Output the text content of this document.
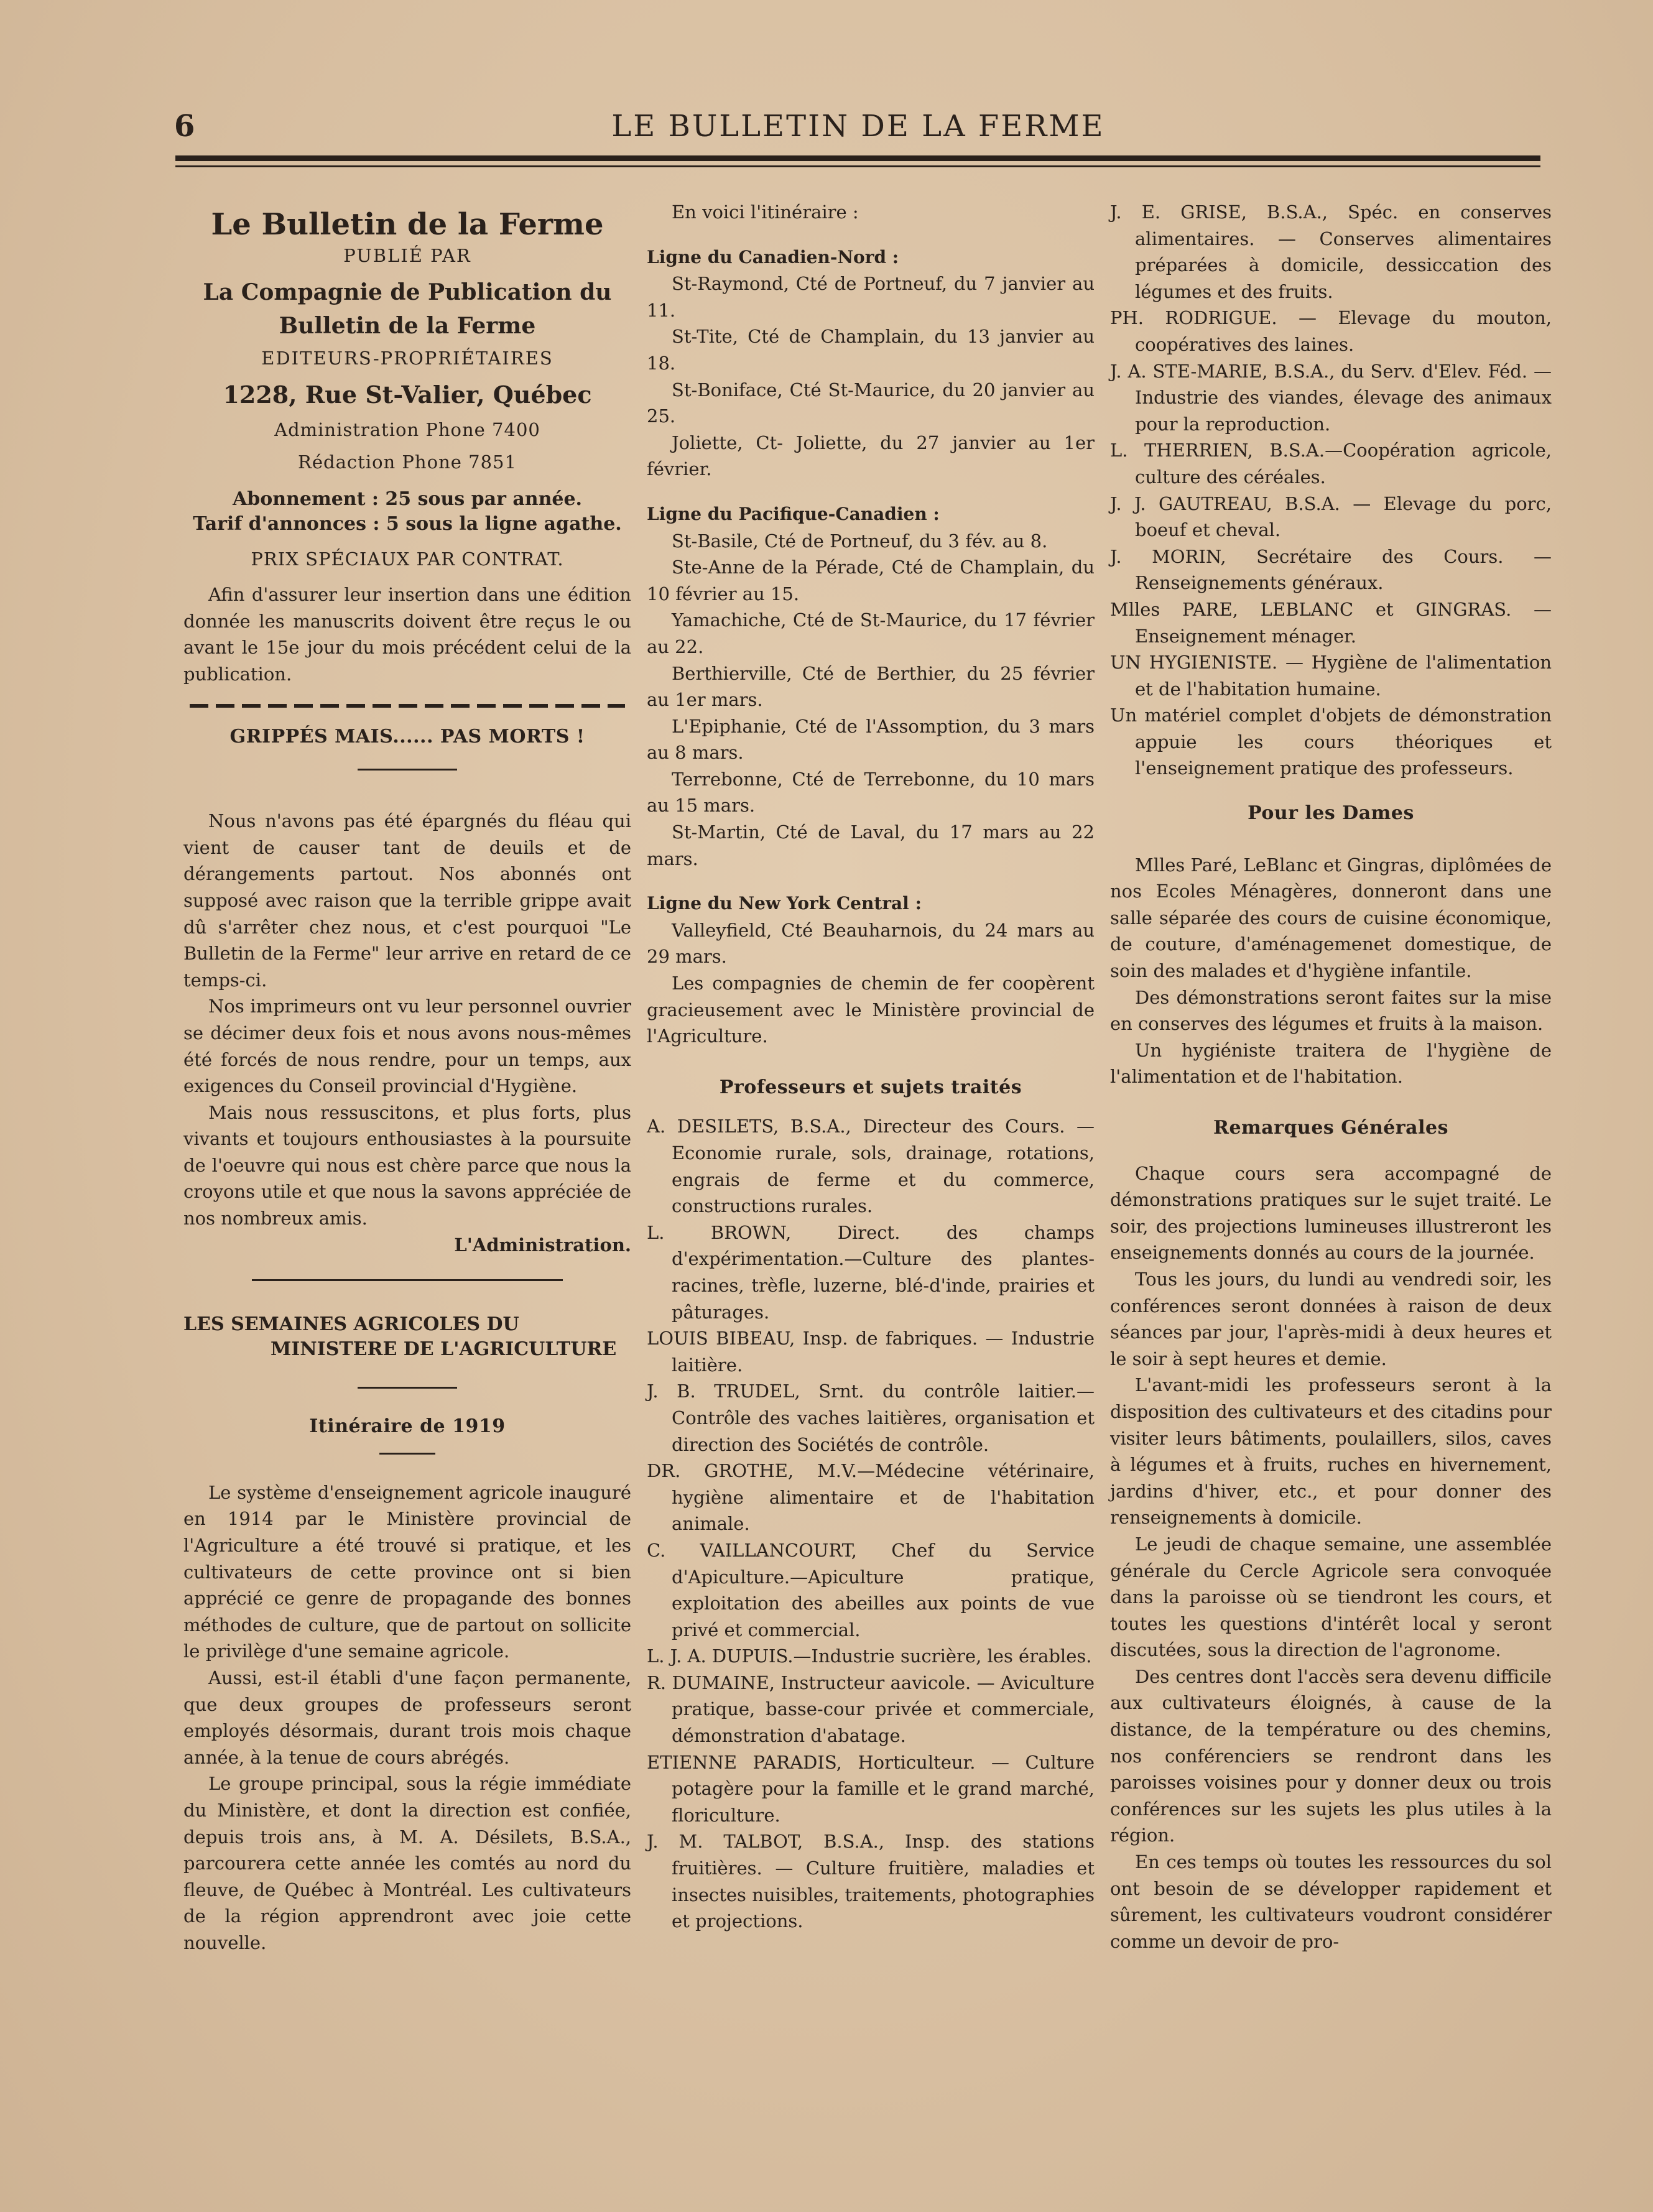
6	LE BULLETIN DE LA FERME
Le Bulletin de la Ferme
PUBLIÉ PAR
La Compagnie de Publication du
Bulletin de la Ferme
EDITEURS-PROPRIÉTAIRES
1228, Rue St-Valier, Québec
Administration Phone 7400
Rédaction Phone 7851
Abonnement : 25 sous par année.
Tarif d'annonces : 5 sous la ligne agathe.
PRIX SPÉCIAUX PAR CONTRAT.

Afin d'assurer leur insertion dans une édition donnée les manuscrits doivent être reçus le ou avant le 15e jour du mois précédent celui de la publication.

GRIPPÉS MAIS...... PAS MORTS !

Nous n'avons pas été épargnés du fléau qui vient de causer tant de deuils et de dérangements partout. Nos abonnés ont supposé avec raison que la terrible grippe avait dû s'arrêter chez nous, et c'est pourquoi "Le Bulletin de la Ferme" leur arrive en retard de ce temps-ci.

Nos imprimeurs ont vu leur personnel ouvrier se décimer deux fois et nous avons nous-mêmes été forcés de nous rendre, pour un temps, aux exigences du Conseil provincial d'Hygiène.

Mais nous ressuscitons, et plus forts, plus vivants et toujours enthousiastes à la poursuite de l'oeuvre qui nous est chère parce que nous la croyons utile et que nous la savons appréciée de nos nombreux amis.

L'Administration.
LES SEMAINES AGRICOLES DU
MINISTERE DE L'AGRICULTURE
Itinéraire de 1919

Le système d'enseignement agricole inauguré en 1914 par le Ministère provincial de l'Agriculture a été trouvé si pratique, et les cultivateurs de cette province ont si bien apprécié ce genre de propagande des bonnes méthodes de culture, que de partout on sollicite le privilège d'une semaine agricole.

Aussi, est-il établi d'une façon permanente, que deux groupes de professeurs seront employés désormais, durant trois mois chaque année, à la tenue de cours abrégés.

Le groupe principal, sous la régie immédiate du Ministère, et dont la direction est confiée, depuis trois ans, à M. A. Désilets, B.S.A., parcourera cette année les comtés au nord du fleuve, de Québec à Montréal. Les cultivateurs de la région apprendront avec joie cette nouvelle.

En voici l'itinéraire :

Ligne du Canadien-Nord :

St-Raymond, Cté de Portneuf, du 7 janvier au 11.

St-Tite, Cté de Champlain, du 13 janvier au 18.

St-Boniface, Cté St-Maurice, du 20 janvier au 25.

Joliette, Ct- Joliette, du 27 janvier au 1er février.

Ligne du Pacifique-Canadien :

St-Basile, Cté de Portneuf, du 3 fév. au 8.

Ste-Anne de la Pérade, Cté de Champlain, du 10 février au 15.

Yamachiche, Cté de St-Maurice, du 17 février au 22.

Berthierville, Cté de Berthier, du 25 février au 1er mars.

L'Epiphanie, Cté de l'Assomption, du 3 mars au 8 mars.

Terrebonne, Cté de Terrebonne, du 10 mars au 15 mars.

St-Martin, Cté de Laval, du 17 mars au 22 mars.

Ligne du New York Central :

Valleyfield, Cté Beauharnois, du 24 mars au 29 mars.

Les compagnies de chemin de fer coopèrent gracieusement avec le Ministère provincial de l'Agriculture.

Professeurs et sujets traités

A. DESILETS, B.S.A., Directeur des Cours. —Economie rurale, sols, drainage, rotations, engrais de ferme et du commerce, constructions rurales.

L. BROWN, Direct. des champs d'expérimentation.—Culture des plantes-racines, trèfle, luzerne, blé-d'inde, prairies et pâturages.

LOUIS BIBEAU, Insp. de fabriques. — Industrie laitière.

J. B. TRUDEL, Srnt. du contrôle laitier.— Contrôle des vaches laitières, organisation et direction des Sociétés de contrôle.

DR. GROTHE, M.V.—Médecine vétérinaire, hygiène alimentaire et de l'habitation animale.

C. VAILLANCOURT, Chef du Service d'Apiculture.—Apiculture pratique, exploitation des abeilles aux points de vue privé et commercial.

L. J. A. DUPUIS.—Industrie sucrière, les érables.

R. DUMAINE, Instructeur aavicole. — Aviculture pratique, basse-cour privée et commerciale, démonstration d'abatage.

ETIENNE PARADIS, Horticulteur. — Culture potagère pour la famille et le grand marché, floriculture.

J. M. TALBOT, B.S.A., Insp. des stations fruitières. — Culture fruitière, maladies et insectes nuisibles, traitements, photographies et projections.

J. E. GRISE, B.S.A., Spéc. en conserves alimentaires. — Conserves alimentaires préparées à domicile, dessiccation des légumes et des fruits.

PH. RODRIGUE. — Elevage du mouton, coopératives des laines.

J. A. STE-MARIE, B.S.A., du Serv. d'Elev. Féd. — Industrie des viandes, élevage des animaux pour la reproduction.

L. THERRIEN, B.S.A.—Coopération agricole, culture des céréales.

J. J. GAUTREAU, B.S.A. — Elevage du porc, boeuf et cheval.

J. MORIN, Secrétaire des Cours. — Renseignements généraux.

Mlles PARE, LEBLANC et GINGRAS. — Enseignement ménager.

UN HYGIENISTE. — Hygiène de l'alimentation et de l'habitation humaine.

Un matériel complet d'objets de démonstration appuie les cours théoriques et l'enseignement pratique des professeurs.

Pour les Dames

Mlles Paré, LeBlanc et Gingras, diplômées de nos Ecoles Ménagères, donneront dans une salle séparée des cours de cuisine économique, de couture, d'aménagemenet domestique, de soin des malades et d'hygiène infantile.

Des démonstrations seront faites sur la mise en conserves des légumes et fruits à la maison.

Un hygiéniste traitera de l'hygiène de l'alimentation et de l'habitation.

Remarques Générales

Chaque cours sera accompagné de démonstrations pratiques sur le sujet traité. Le soir, des projections lumineuses illustreront les enseignements donnés au cours de la journée.

Tous les jours, du lundi au vendredi soir, les conférences seront données à raison de deux séances par jour, l'après-midi à deux heures et le soir à sept heures et demie.

L'avant-midi les professeurs seront à la disposition des cultivateurs et des citadins pour visiter leurs bâtiments, poulaillers, silos, caves à légumes et à fruits, ruches en hivernement, jardins d'hiver, etc., et pour donner des renseignements à domicile.

Le jeudi de chaque semaine, une assemblée générale du Cercle Agricole sera convoquée dans la paroisse où se tiendront les cours, et toutes les questions d'intérêt local y seront discutées, sous la direction de l'agronome.

Des centres dont l'accès sera devenu difficile aux cultivateurs éloignés, à cause de la distance, de la température ou des chemins, nos conférenciers se rendront dans les paroisses voisines pour y donner deux ou trois conférences sur les sujets les plus utiles à la région.

En ces temps où toutes les ressources du sol ont besoin de se développer rapidement et sûrement, les cultivateurs voudront considérer comme un devoir de pro-
